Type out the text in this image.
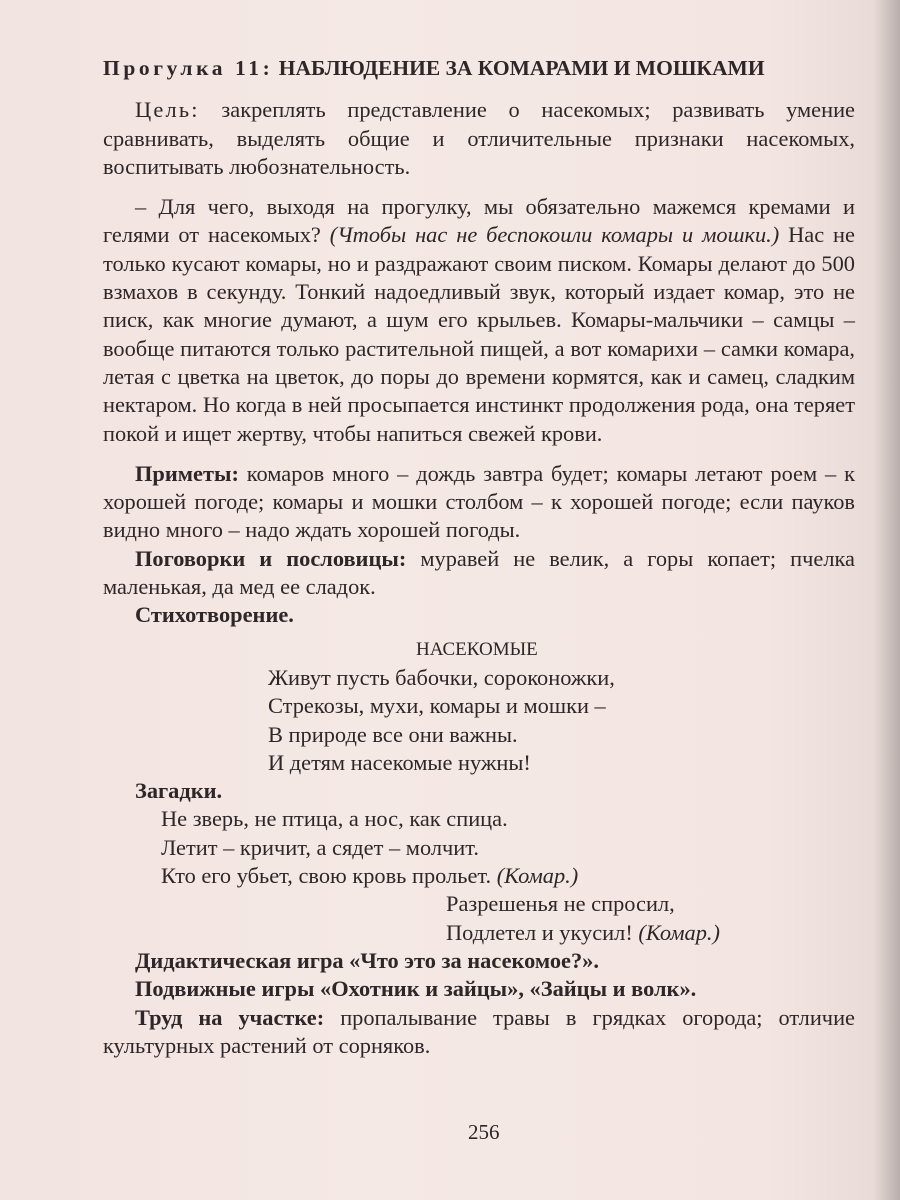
Прогулка 11: НАБЛЮДЕНИЕ ЗА КОМАРАМИ И МОШКАМИ

Цель: закреплять представление о насекомых; развивать умение сравнивать, выделять общие и отличительные признаки насекомых, воспитывать любознательность.

– Для чего, выходя на прогулку, мы обязательно мажемся кремами и гелями от насекомых? (Чтобы нас не беспокоили комары и мошки.) Нас не только кусают комары, но и раздражают своим писком. Комары делают до 500 взмахов в секунду. Тонкий надоедливый звук, который издает комар, это не писк, как многие думают, а шум его крыльев. Комары-мальчики – самцы – вообще питаются только растительной пищей, а вот комарихи – самки комара, летая с цветка на цветок, до поры до времени кормятся, как и самец, сладким нектаром. Но когда в ней просыпается инстинкт продолжения рода, она теряет покой и ищет жертву, чтобы напиться свежей крови.

Приметы: комаров много – дождь завтра будет; комары летают роем – к хорошей погоде; комары и мошки столбом – к хорошей погоде; если пауков видно много – надо ждать хорошей погоды.

Поговорки и пословицы: муравей не велик, а горы копает; пчелка маленькая, да мед ее сладок.

Стихотворение.

НАСЕКОМЫЕ
Живут пусть бабочки, сороконожки,
Стрекозы, мухи, комары и мошки –
В природе все они важны.
И детям насекомые нужны!

Загадки.

Не зверь, не птица, а нос, как спица.
Летит – кричит, а сядет – молчит.
Кто его убьет, свою кровь прольет. (Комар.)
Разрешенья не спросил,
Подлетел и укусил! (Комар.)

Дидактическая игра «Что это за насекомое?».

Подвижные игры «Охотник и зайцы», «Зайцы и волк».

Труд на участке: пропалывание травы в грядках огорода; отличие культурных растений от сорняков.

256
